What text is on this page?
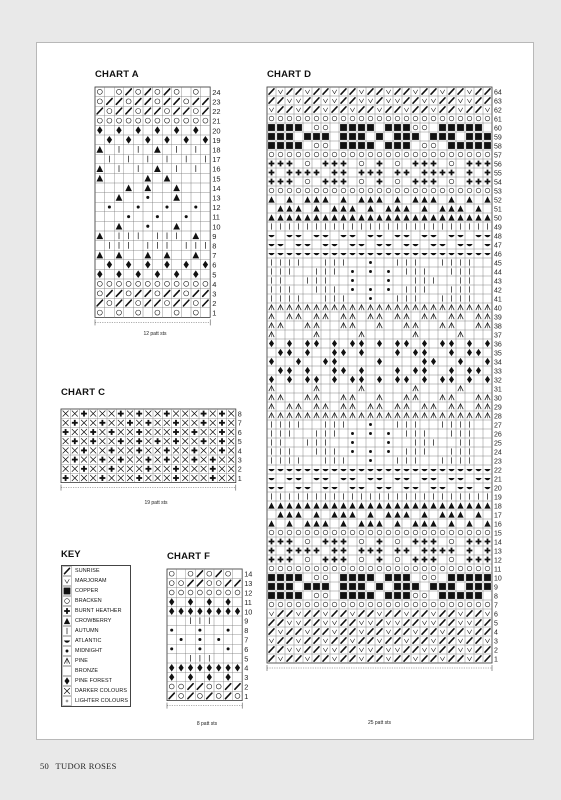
CHART A
24
23
22
21
20
19
18
17
16
15
14
13
12
11
10
9
8
7
6
5
4
3
2
1
12 patt sts
CHART C
8
7
6
5
4
3
2
1
19 patt sts
KEY
SUNRISE
MARJORAM
COPPER
BRACKEN
BURNT HEATHER
CROWBERRY
AUTUMN
ATLANTIC
MIDNIGHT
PINE
BRONZE
PINE FOREST
DARKER COLOURS
LIGHTER COLOURS
CHART F
14
13
12
11
10
9
8
7
6
5
4
3
2
1
8 patt sts
CHART D
64
63
62
61
60
59
58
57
56
55
54
53
52
51
50
49
48
47
46
45
44
43
42
41
40
39
38
37
36
35
34
33
32
31
30
29
28
27
26
25
24
23
22
21
20
19
18
17
16
15
14
13
12
11
10
9
8
7
6
5
4
3
2
1
25 patt sts
50 TUDOR ROSES
